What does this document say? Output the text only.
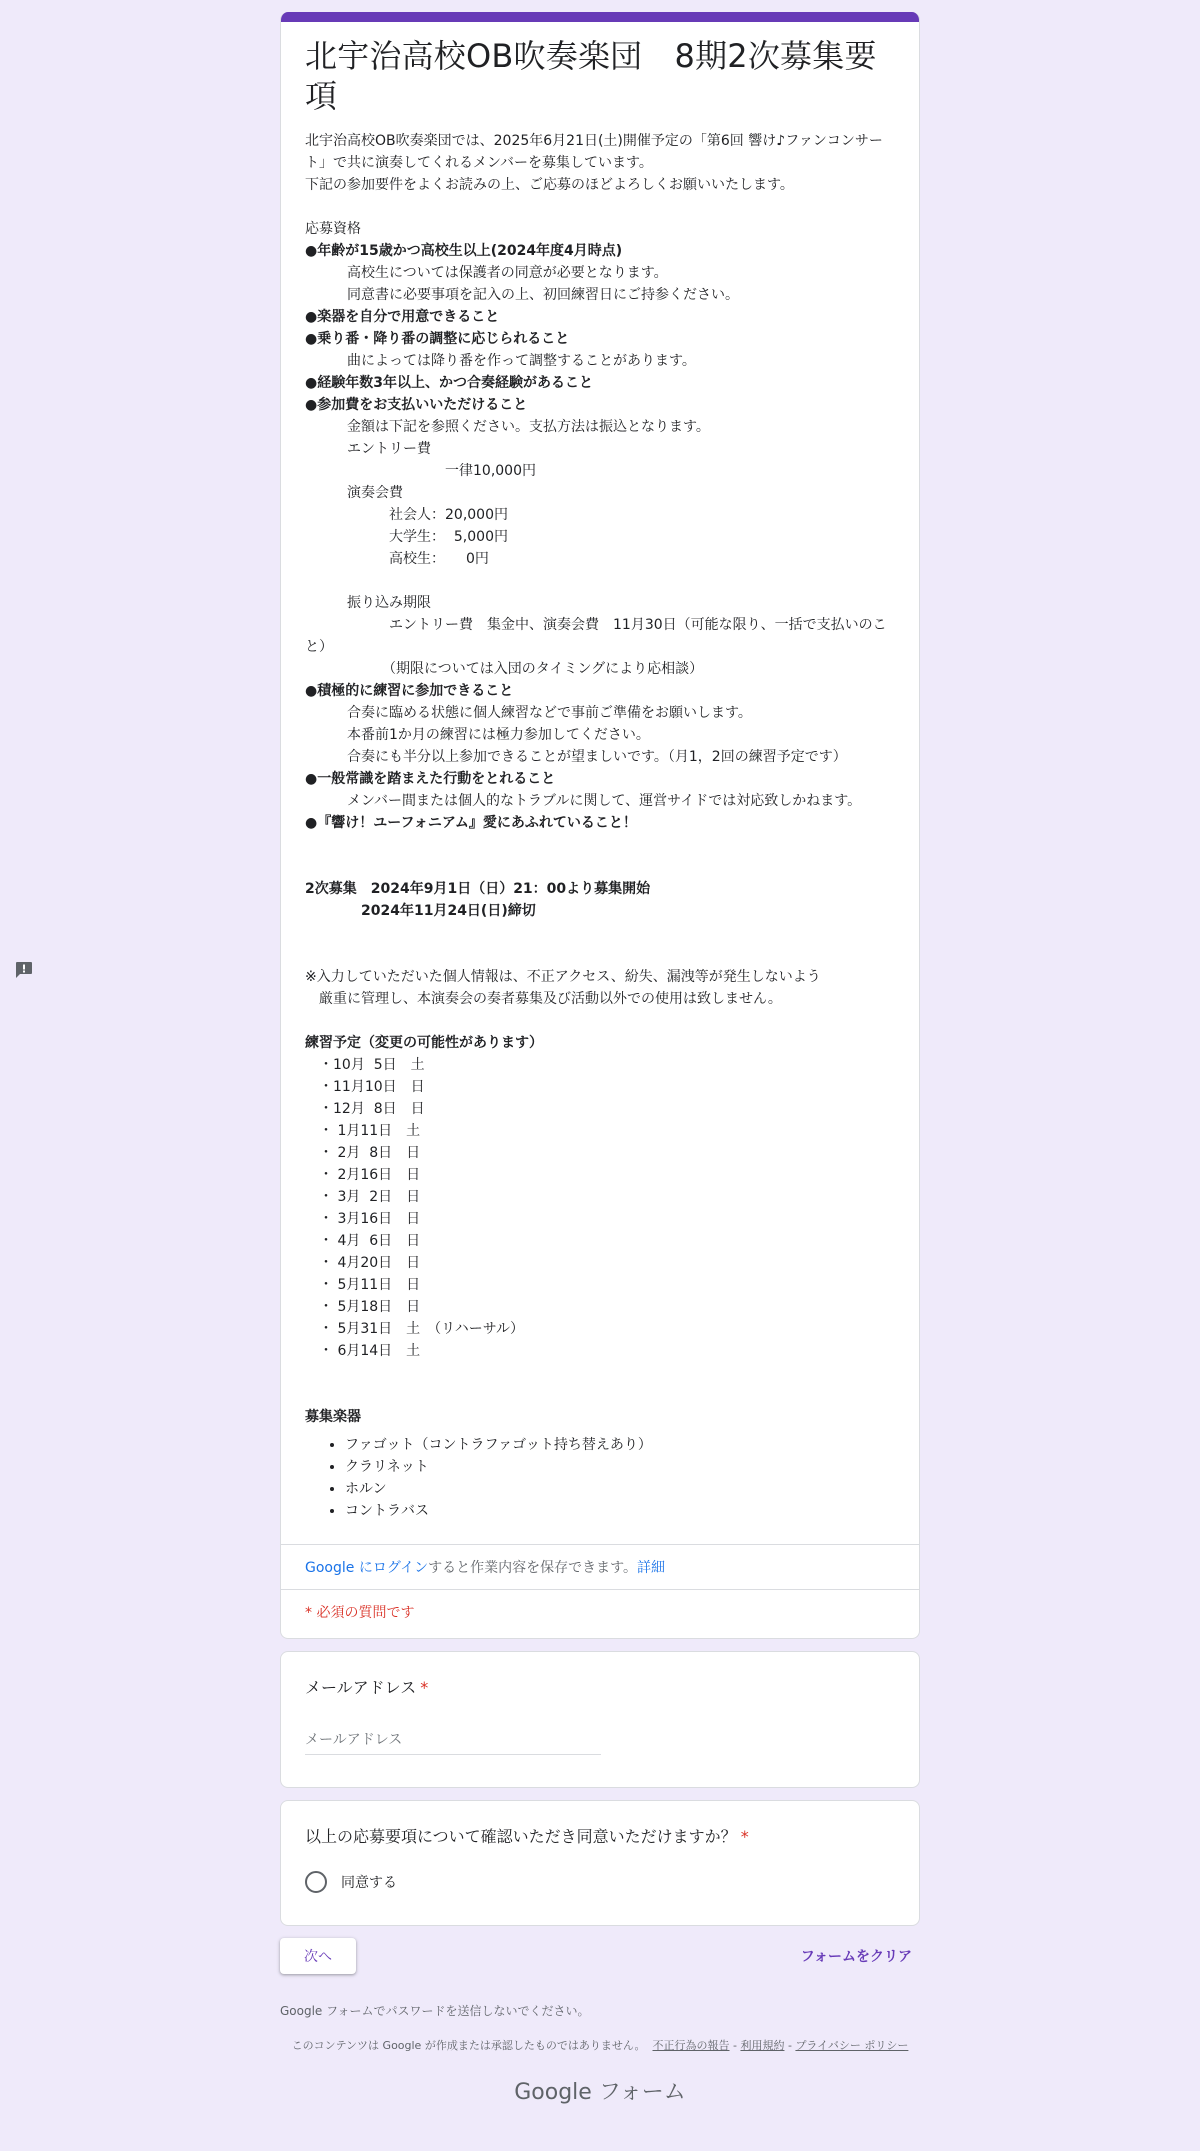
北宇治高校OB吹奏楽団　8期2次募集要項
北宇治高校OB吹奏楽団では、2025年6月21日(土)開催予定の「第6回 響け♪ファンコンサート」で共に演奏してくれるメンバーを募集しています。
下記の参加要件をよくお読みの上、ご応募のほどよろしくお願いいたします。
応募資格
●年齢が15歳かつ高校生以上(2024年度4月時点)
　　　高校生については保護者の同意が必要となります。
　　　同意書に必要事項を記入の上、初回練習日にご持参ください。
●楽器を自分で用意できること
●乗り番・降り番の調整に応じられること
　　　曲によっては降り番を作って調整することがあります。
●経験年数3年以上、かつ合奏経験があること
●参加費をお支払いいただけること
　　　金額は下記を参照ください。支払方法は振込となります。
　　　エントリー費
　　　　　　　　　　一律10,000円
　　　演奏会費
　　　　　　社会人：20,000円
　　　　　　大学生：  5,000円
　　　　　　高校生：　　0円
　　　振り込み期限
　　　　　　エントリー費　集金中、演奏会費　11月30日（可能な限り、一括で支払いのこと）
　　　　　　（期限については入団のタイミングにより応相談）
●積極的に練習に参加できること
　　　合奏に臨める状態に個人練習などで事前ご準備をお願いします。
　　　本番前1か月の練習には極力参加してください。
　　　合奏にも半分以上参加できることが望ましいです。（月1，2回の練習予定です）
●一般常識を踏まえた行動をとれること
　　　メンバー間または個人的なトラブルに関して、運営サイドでは対応致しかねます。
●『響け！ユーフォニアム』愛にあふれていること！
2次募集　2024年9月1日（日）21：00より募集開始
　　　　2024年11月24日(日)締切
※入力していただいた個人情報は、不正アクセス、紛失、漏洩等が発生しないよう
　厳重に管理し、本演奏会の奏者募集及び活動以外での使用は致しません。
練習予定（変更の可能性があります）
　・10月  5日　土
　・11月10日　日
　・12月  8日　日
　・ 1月11日　土
　・ 2月  8日　日
　・ 2月16日　日
　・ 3月  2日　日
　・ 3月16日　日
　・ 4月  6日　日
　・ 4月20日　日
　・ 5月11日　日
　・ 5月18日　日
　・ 5月31日　土　（リハーサル）
　・ 6月14日　土
募集楽器
• ファゴット（コントラファゴット持ち替えあり）
• クラリネット
• ホルン
• コントラバス
Google にログインすると作業内容を保存できます。詳細
* 必須の質問です
メールアドレス *
メールアドレス
以上の応募要項について確認いただき同意いただけますか？ *
同意する
次へ	フォームをクリア
Google フォームでパスワードを送信しないでください。
このコンテンツは Google が作成または承認したものではありません。 不正行為の報告 - 利用規約 - プライバシー ポリシー
Google フォーム
